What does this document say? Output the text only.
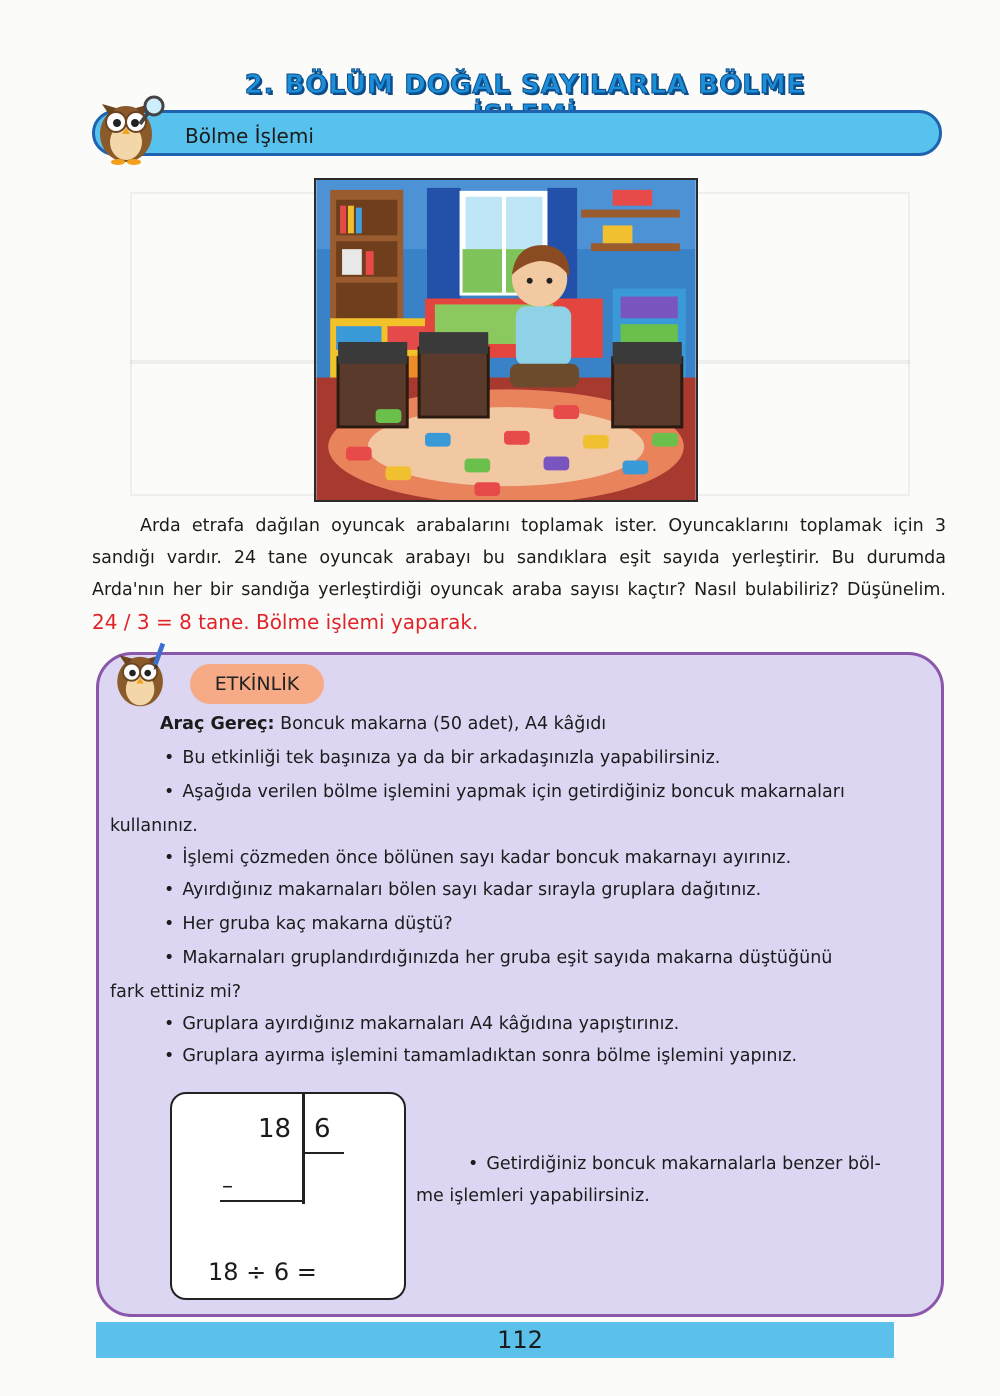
2. BÖLÜM DOĞAL SAYILARLA BÖLME
Bölme İşlemi
Arda etrafa dağılan oyuncak arabalarını toplamak ister. Oyuncaklarını toplamak için 3 sandığı vardır. 24 tane oyuncak arabayı bu sandıklara eşit sayıda yerleştirir. Bu durumda Arda'nın her bir sandığa yerleştirdiği oyuncak araba sayısı kaçtır? Nasıl bulabiliriz? Düşünelim. 24 / 3 = 8 tane. Bölme işlemi yaparak.
ETKİNLİK
Araç Gereç: Boncuk makarna (50 adet), A4 kâğıdı
• Bu etkinliği tek başınıza ya da bir arkadaşınızla yapabilirsiniz.
• Aşağıda verilen bölme işlemini yapmak için getirdiğiniz boncuk makarnaları
kullanınız.
• İşlemi çözmeden önce bölünen sayı kadar boncuk makarnayı ayırınız.
• Ayırdığınız makarnaları bölen sayı kadar sırayla gruplara dağıtınız.
• Her gruba kaç makarna düştü?
• Makarnaları gruplandırdığınızda her gruba eşit sayıda makarna düştüğünü
fark ettiniz mi?
• Gruplara ayırdığınız makarnaları A4 kâğıdına yapıştırınız.
• Gruplara ayırma işlemini tamamladıktan sonra bölme işlemini yapınız.
• Getirdiğiniz boncuk makarnalarla benzer böl-
me işlemleri yapabilirsiniz.
18 6
–
18 ÷ 6 =
112
